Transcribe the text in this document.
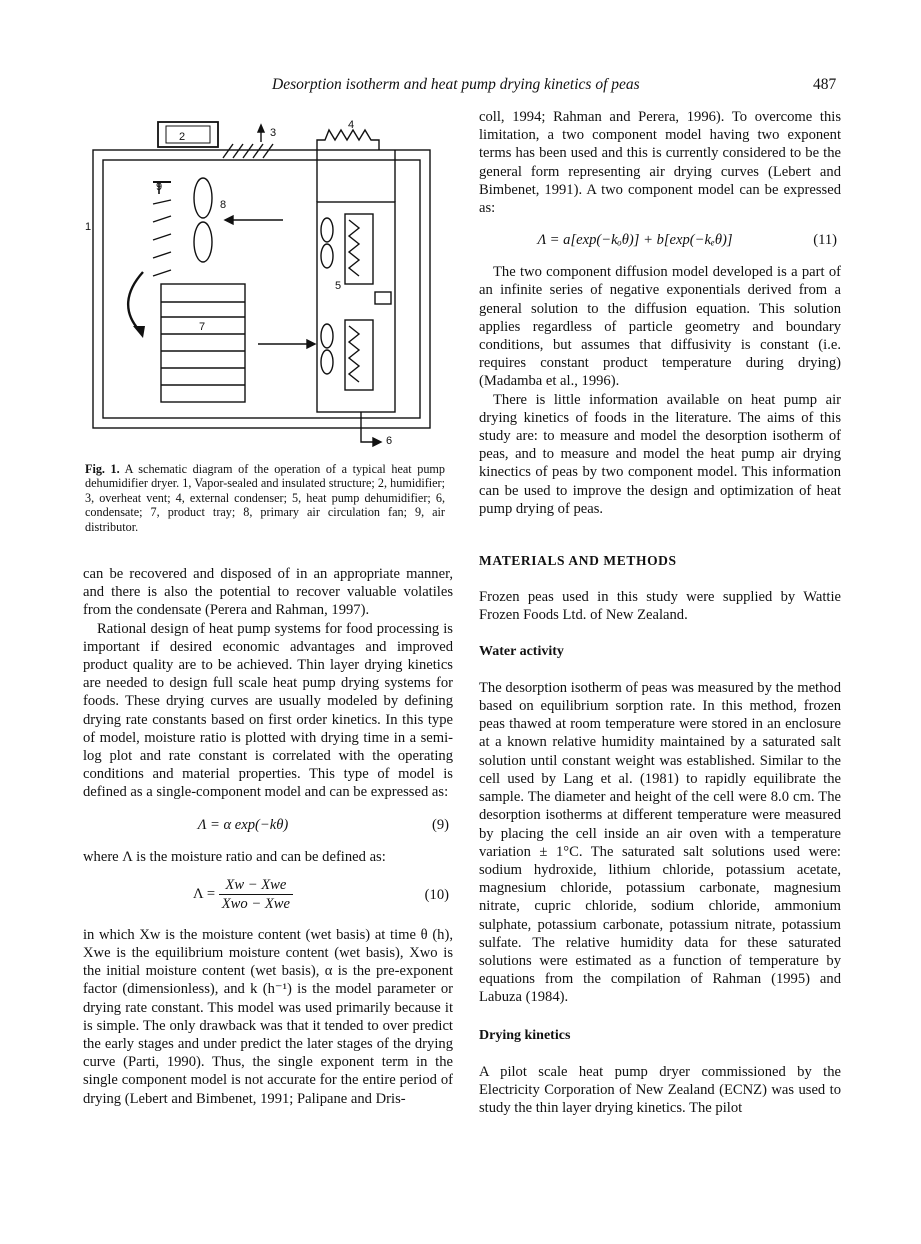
Desorption isotherm and heat pump drying kinetics of peas	487
2	3
4
1
5
6
7
8
9
Fig. 1. A schematic diagram of the operation of a typical heat pump dehumidifier dryer. 1, Vapor-sealed and insulated structure; 2, humidifier; 3, overheat vent; 4, external condenser; 5, heat pump dehumidifier; 6, condensate; 7, product tray; 8, primary air circulation fan; 9, air distributor.

can be recovered and disposed of in an appropriate manner, and there is also the potential to recover valuable volatiles from the condensate (Perera and Rahman, 1997).

Rational design of heat pump systems for food processing is important if desired economic advantages and improved product quality are to be achieved. Thin layer drying kinetics are needed to design full scale heat pump drying systems for foods. These drying curves are usually modeled by defining drying rate constants based on first order kinetics. In this type of model, moisture ratio is plotted with drying time in a semi-log plot and rate constant is correlated with the operating conditions and material properties. This type of model is defined as a single-component model and can be expressed as:

Λ = α exp(−kθ)	(9)

where Λ is the moisture ratio and can be defined as:

$\Lambda = \frac{\text{Xw − Xwe}}{\text{Xwo − Xwe}}$	(10)

in which Xw is the moisture content (wet basis) at time θ (h), Xwe is the equilibrium moisture content (wet basis), Xwo is the initial moisture content (wet basis), α is the pre-exponent factor (dimensionless), and k (h⁻¹) is the model parameter or drying rate constant. This model was used primarily because it is simple. The only drawback was that it tended to over predict the early stages and under predict the later stages of the drying curve (Parti, 1990). Thus, the single exponent term in the single component model is not accurate for the entire period of drying (Lebert and Bimbenet, 1991; Palipane and Dris-

coll, 1994; Rahman and Perera, 1996). To overcome this limitation, a two component model having two exponent terms has been used and this is currently considered to be the general form representing air drying curves (Lebert and Bimbenet, 1991). A two component model can be expressed as:

Λ = a[exp(−kₒθ)] + b[exp(−kₑθ)]	(11)

The two component diffusion model developed is a part of an infinite series of negative exponentials derived from a general solution to the diffusion equation. This solution applies regardless of particle geometry and boundary conditions, but assumes that diffusivity is constant (i.e. requires constant product temperature during drying) (Madamba et al., 1996).

There is little information available on heat pump air drying kinetics of foods in the literature. The aims of this study are: to measure and model the desorption isotherm of peas, and to measure and model the heat pump air drying kinectics of peas by two component model. This information can be used to improve the design and optimization of heat pump drying of peas.

MATERIALS AND METHODS

Frozen peas used in this study were supplied by Wattie Frozen Foods Ltd. of New Zealand.

Water activity

The desorption isotherm of peas was measured by the method based on equilibrium sorption rate. In this method, frozen peas thawed at room temperature were stored in an enclosure at a known relative humidity maintained by a saturated salt solution until constant weight was established. Similar to the cell used by Lang et al. (1981) to rapidly equilibrate the sample. The diameter and height of the cell were 8.0 cm. The desorption isotherms at different temperature were measured by placing the cell inside an air oven with a temperature variation ± 1°C. The saturated salt solutions used were: sodium hydroxide, lithium chloride, potassium acetate, magnesium chloride, potassium carbonate, magnesium nitrate, cupric chloride, sodium chloride, ammonium sulphate, potassium carbonate, potassium nitrate, potassium sulfate. The relative humidity data for these saturated solutions were estimated as a function of temperature by equations from the compilation of Rahman (1995) and Labuza (1984).

Drying kinetics

A pilot scale heat pump dryer commissioned by the Electricity Corporation of New Zealand (ECNZ) was used to study the thin layer drying kinetics. The pilot
